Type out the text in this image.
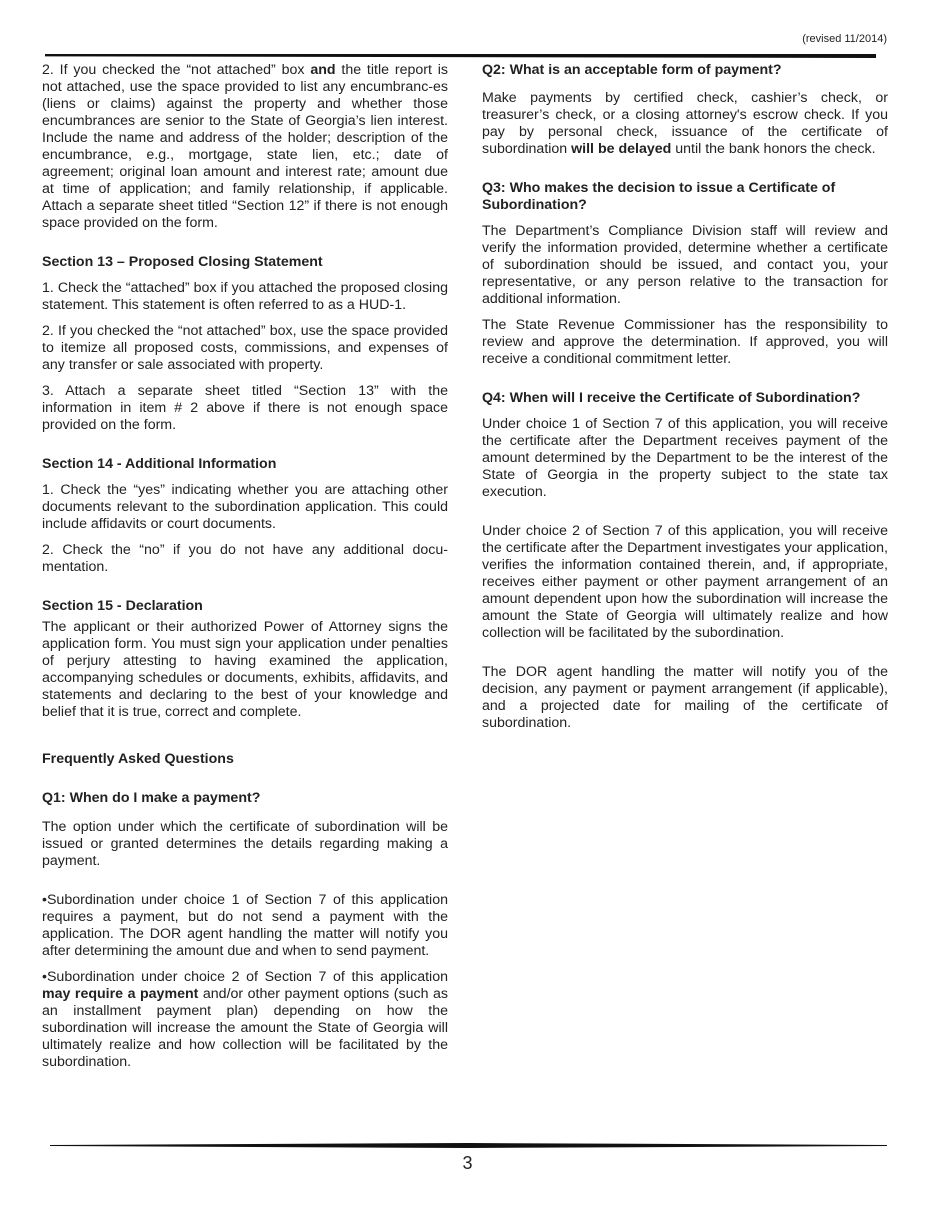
(revised 11/2014)

2. If you checked the “not attached” box and the title report is not attached, use the space provided to list any encumbranc-es (liens or claims) against the property and whether those encumbrances are senior to the State of Georgia’s lien interest. Include the name and address of the holder; description of the encumbrance, e.g., mortgage, state lien, etc.; date of agreement; original loan amount and interest rate; amount due at time of application; and family relationship, if applicable. Attach a separate sheet titled “Section 12” if there is not enough space provided on the form.

Section 13 – Proposed Closing Statement

1. Check the “attached” box if you attached the proposed closing statement. This statement is often referred to as a HUD-1.

2. If you checked the “not attached” box, use the space provided to itemize all proposed costs, commissions, and expenses of any transfer or sale associated with property.

3. Attach a separate sheet titled “Section 13” with the information in item # 2 above if there is not enough space provided on the form.

Section 14 - Additional Information

1. Check the “yes” indicating whether you are attaching other documents relevant to the subordination application. This could include affidavits or court documents.

2. Check the “no” if you do not have any additional docu-mentation.

Section 15 - Declaration

The applicant or their authorized Power of Attorney signs the application form. You must sign your application under penalties of perjury attesting to having examined the application, accompanying schedules or documents, exhibits, affidavits, and statements and declaring to the best of your knowledge and belief that it is true, correct and complete.

Frequently Asked Questions

Q1: When do I make a payment?

The option under which the certificate of subordination will be issued or granted determines the details regarding making a payment.

• Subordination under choice 1 of Section 7 of this application requires a payment, but do not send a payment with the application. The DOR agent handling the matter will notify you after determining the amount due and when to send payment.

• Subordination under choice 2 of Section 7 of this application may require a payment and/or other payment options (such as an installment payment plan) depending on how the subordination will increase the amount the State of Georgia will ultimately realize and how collection will be facilitated by the subordination.

Q2: What is an acceptable form of payment?

Make payments by certified check, cashier’s check, or treasurer’s check, or a closing attorney's escrow check. If you pay by personal check, issuance of the certificate of subordination will be delayed until the bank honors the check.

Q3: Who makes the decision to issue a Certificate of Subordination?

The Department’s Compliance Division staff will review and verify the information provided, determine whether a certificate of subordination should be issued, and contact you, your representative, or any person relative to the transaction for additional information.

The State Revenue Commissioner has the responsibility to review and approve the determination. If approved, you will receive a conditional commitment letter.

Q4: When will I receive the Certificate of Subordination?

Under choice 1 of Section 7 of this application, you will receive the certificate after the Department receives payment of the amount determined by the Department to be the interest of the State of Georgia in the property subject to the state tax execution.

Under choice 2 of Section 7 of this application, you will receive the certificate after the Department investigates your application, verifies the information contained therein, and, if appropriate, receives either payment or other payment arrangement of an amount dependent upon how the subordination will increase the amount the State of Georgia will ultimately realize and how collection will be facilitated by the subordination.

The DOR agent handling the matter will notify you of the decision, any payment or payment arrangement (if applicable), and a projected date for mailing of the certificate of subordination.

3
